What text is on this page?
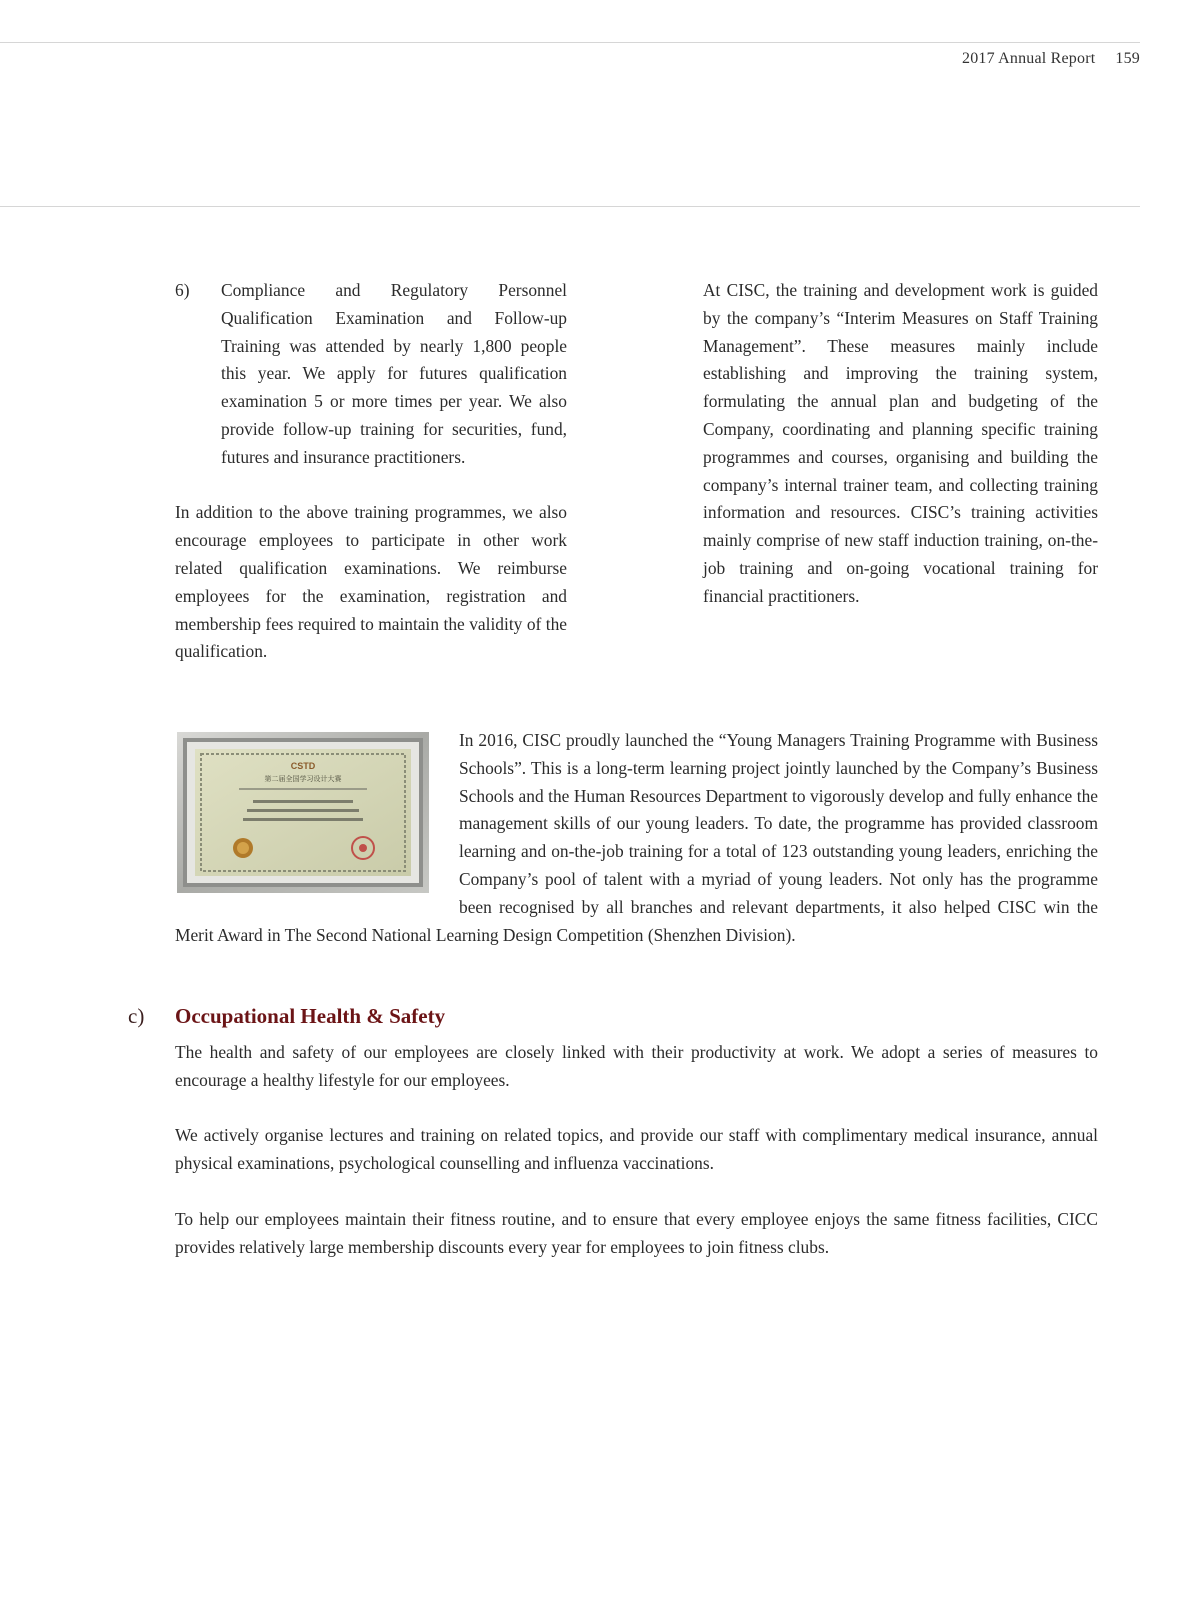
2017 Annual Report 159
6)	Compliance and Regulatory Personnel Qualification Examination and Follow-up Training was attended by nearly 1,800 people this year. We apply for futures qualification examination 5 or more times per year. We also provide follow-up training for securities, fund, futures and insurance practitioners.

In addition to the above training programmes, we also encourage employees to participate in other work related qualification examinations. We reimburse employees for the examination, registration and membership fees required to maintain the validity of the qualification.

At CISC, the training and development work is guided by the company’s “Interim Measures on Staff Training Management”. These measures mainly include establishing and improving the training system, formulating the annual plan and budgeting of the Company, coordinating and planning specific training programmes and courses, organising and building the company’s internal trainer team, and collecting training information and resources. CISC’s training activities mainly comprise of new staff induction training, on-the-job training and on-going vocational training for financial practitioners.

CSTD
第二届全国学习设计大赛

In 2016, CISC proudly launched the “Young Managers Training Programme with Business Schools”. This is a long-term learning project jointly launched by the Company’s Business Schools and the Human Resources Department to vigorously develop and fully enhance the management skills of our young leaders. To date, the programme has provided classroom learning and on-the-job training for a total of 123 outstanding young leaders, enriching the Company’s pool of talent with a myriad of young leaders. Not only has the programme been recognised by all branches and relevant departments, it also helped CISC win the Merit Award in The Second National Learning Design Competition (Shenzhen Division).

c)	Occupational Health & Safety

The health and safety of our employees are closely linked with their productivity at work. We adopt a series of measures to encourage a healthy lifestyle for our employees.

We actively organise lectures and training on related topics, and provide our staff with complimentary medical insurance, annual physical examinations, psychological counselling and influenza vaccinations.

To help our employees maintain their fitness routine, and to ensure that every employee enjoys the same fitness facilities, CICC provides relatively large membership discounts every year for employees to join fitness clubs.
